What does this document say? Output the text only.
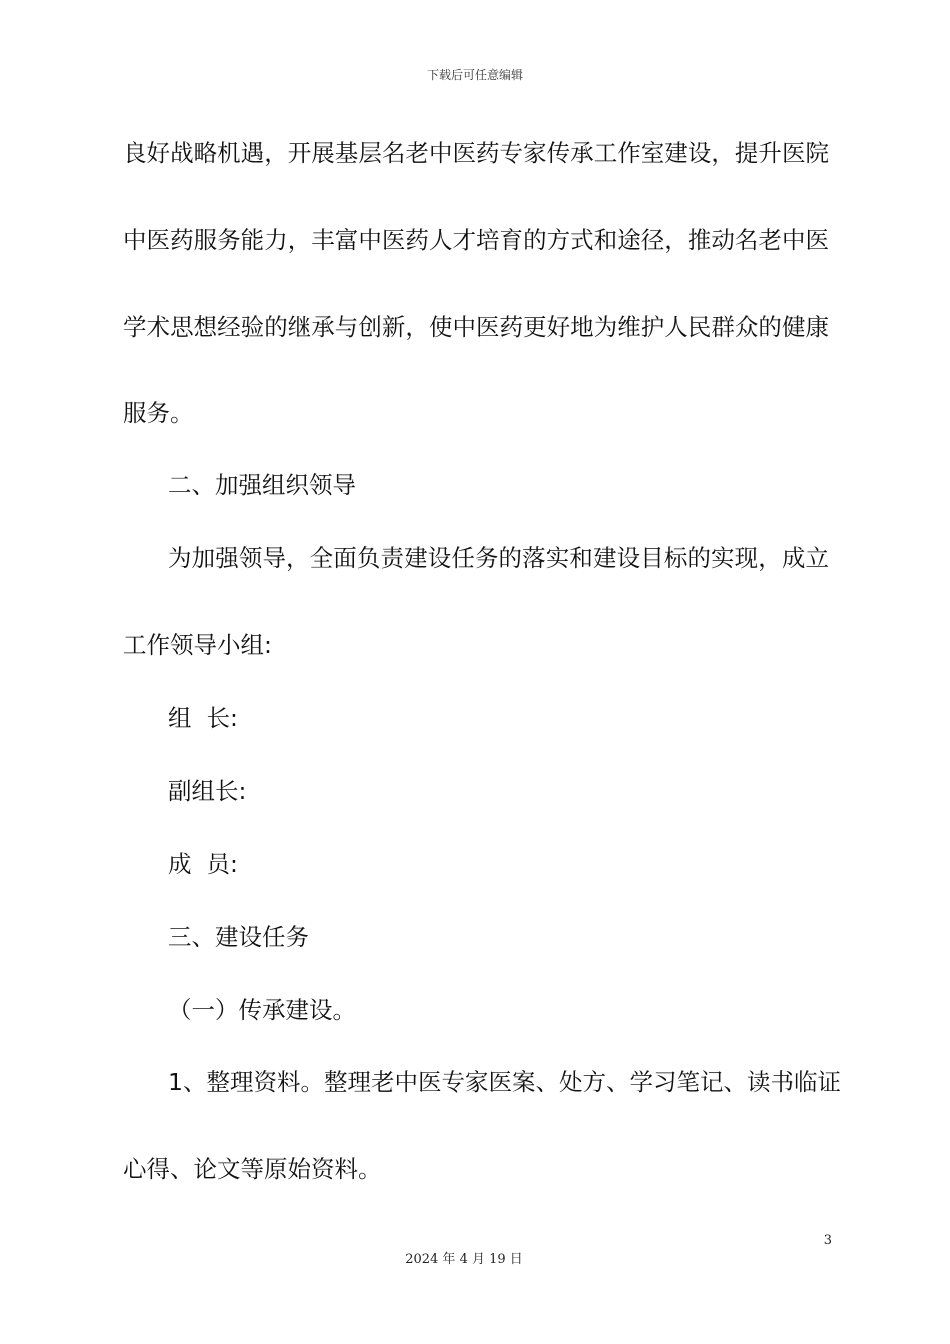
下载后可任意编辑
良好战略机遇，开展基层名老中医药专家传承工作室建设，提升医院
中医药服务能力，丰富中医药人才培育的方式和途径，推动名老中医
学术思想经验的继承与创新，使中医药更好地为维护人民群众的健康
服务。
二、加强组织领导
为加强领导，全面负责建设任务的落实和建设目标的实现，成立
工作领导小组:
组  长:
副组长:
成  员:
三、建设任务
（一）传承建设。
1、整理资料。整理老中医专家医案、处方、学习笔记、读书临证
心得、论文等原始资料。
3
2024 年 4 月 19 日
